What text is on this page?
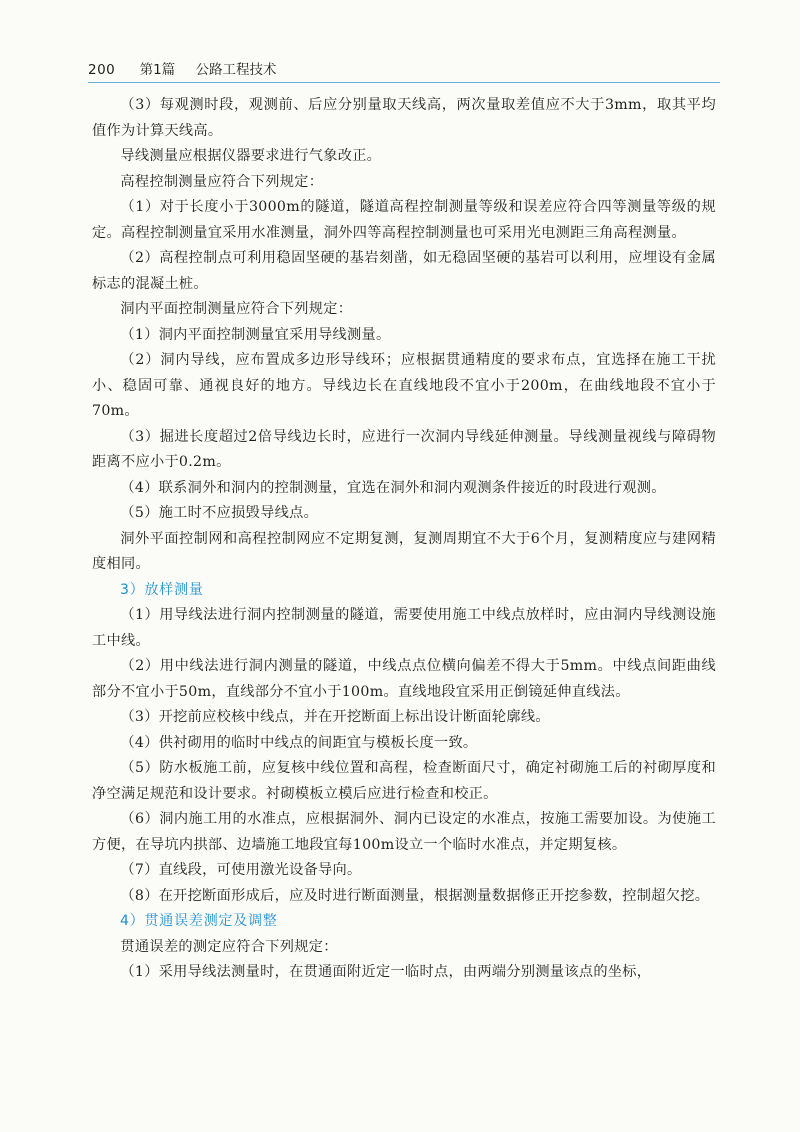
200 第1篇 公路工程技术

（3）每观测时段，观测前、后应分别量取天线高，两次量取差值应不大于3mm，取其平均值作为计算天线高。

导线测量应根据仪器要求进行气象改正。

高程控制测量应符合下列规定：

（1）对于长度小于3000m的隧道，隧道高程控制测量等级和误差应符合四等测量等级的规定。高程控制测量宜采用水准测量，洞外四等高程控制测量也可采用光电测距三角高程测量。

（2）高程控制点可利用稳固坚硬的基岩刻凿，如无稳固坚硬的基岩可以利用，应埋设有金属标志的混凝土桩。

洞内平面控制测量应符合下列规定：

（1）洞内平面控制测量宜采用导线测量。

（2）洞内导线，应布置成多边形导线环；应根据贯通精度的要求布点，宜选择在施工干扰小、稳固可靠、通视良好的地方。导线边长在直线地段不宜小于200m，在曲线地段不宜小于70m。

（3）掘进长度超过2倍导线边长时，应进行一次洞内导线延伸测量。导线测量视线与障碍物距离不应小于0.2m。

（4）联系洞外和洞内的控制测量，宜选在洞外和洞内观测条件接近的时段进行观测。

（5）施工时不应损毁导线点。

洞外平面控制网和高程控制网应不定期复测，复测周期宜不大于6个月，复测精度应与建网精度相同。

3）放样测量

（1）用导线法进行洞内控制测量的隧道，需要使用施工中线点放样时，应由洞内导线测设施工中线。

（2）用中线法进行洞内测量的隧道，中线点点位横向偏差不得大于5mm。中线点间距曲线部分不宜小于50m，直线部分不宜小于100m。直线地段宜采用正倒镜延伸直线法。

（3）开挖前应校核中线点，并在开挖断面上标出设计断面轮廓线。

（4）供衬砌用的临时中线点的间距宜与模板长度一致。

（5）防水板施工前，应复核中线位置和高程，检查断面尺寸，确定衬砌施工后的衬砌厚度和净空满足规范和设计要求。衬砌模板立模后应进行检查和校正。

（6）洞内施工用的水准点，应根据洞外、洞内已设定的水准点，按施工需要加设。为使施工方便，在导坑内拱部、边墙施工地段宜每100m设立一个临时水准点，并定期复核。

（7）直线段，可使用激光设备导向。

（8）在开挖断面形成后，应及时进行断面测量，根据测量数据修正开挖参数，控制超欠挖。

4）贯通误差测定及调整

贯通误差的测定应符合下列规定：

（1）采用导线法测量时，在贯通面附近定一临时点，由两端分别测量该点的坐标，
